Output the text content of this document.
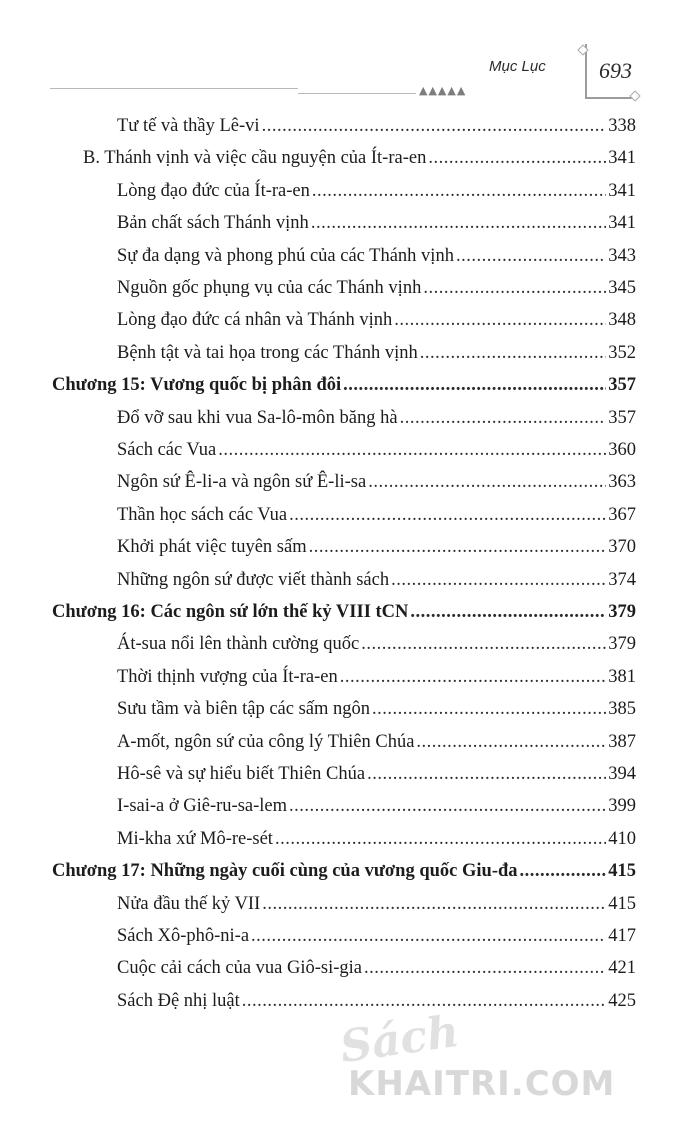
▲▲▲▲▲
Mục Lục 693
Tư tế và thầy Lê-vi .....	338
B. Thánh vịnh và việc cầu nguyện của Ít-ra-en .....	341
Lòng đạo đức của Ít-ra-en .....	341
Bản chất sách Thánh vịnh .....	341
Sự đa dạng và phong phú của các Thánh vịnh .....	343
Nguồn gốc phụng vụ của các Thánh vịnh .....	345
Lòng đạo đức cá nhân và Thánh vịnh .....	348
Bệnh tật và tai họa trong các Thánh vịnh .....	352
Chương 15: Vương quốc bị phân đôi .....	357
Đổ vỡ sau khi vua Sa-lô-môn băng hà .....	357
Sách các Vua .....	360
Ngôn sứ Ê-li-a và ngôn sứ Ê-li-sa .....	363
Thần học sách các Vua .....	367
Khởi phát việc tuyên sấm .....	370
Những ngôn sứ được viết thành sách .....	374
Chương 16: Các ngôn sứ lớn thế kỷ VIII tCN .....	379
Át-sua nổi lên thành cường quốc .....	379
Thời thịnh vượng của Ít-ra-en .....	381
Sưu tầm và biên tập các sấm ngôn .....	385
A-mốt, ngôn sứ của công lý Thiên Chúa .....	387
Hô-sê và sự hiểu biết Thiên Chúa .....	394
I-sai-a ở Giê-ru-sa-lem .....	399
Mi-kha xứ Mô-re-sét .....	410
Chương 17: Những ngày cuối cùng của vương quốc Giu-đa .....	415
Nửa đầu thế kỷ VII .....	415
Sách Xô-phô-ni-a .....	417
Cuộc cải cách của vua Giô-si-gia .....	421
Sách Đệ nhị luật .....	425
Sách
KHAITRI.COM
